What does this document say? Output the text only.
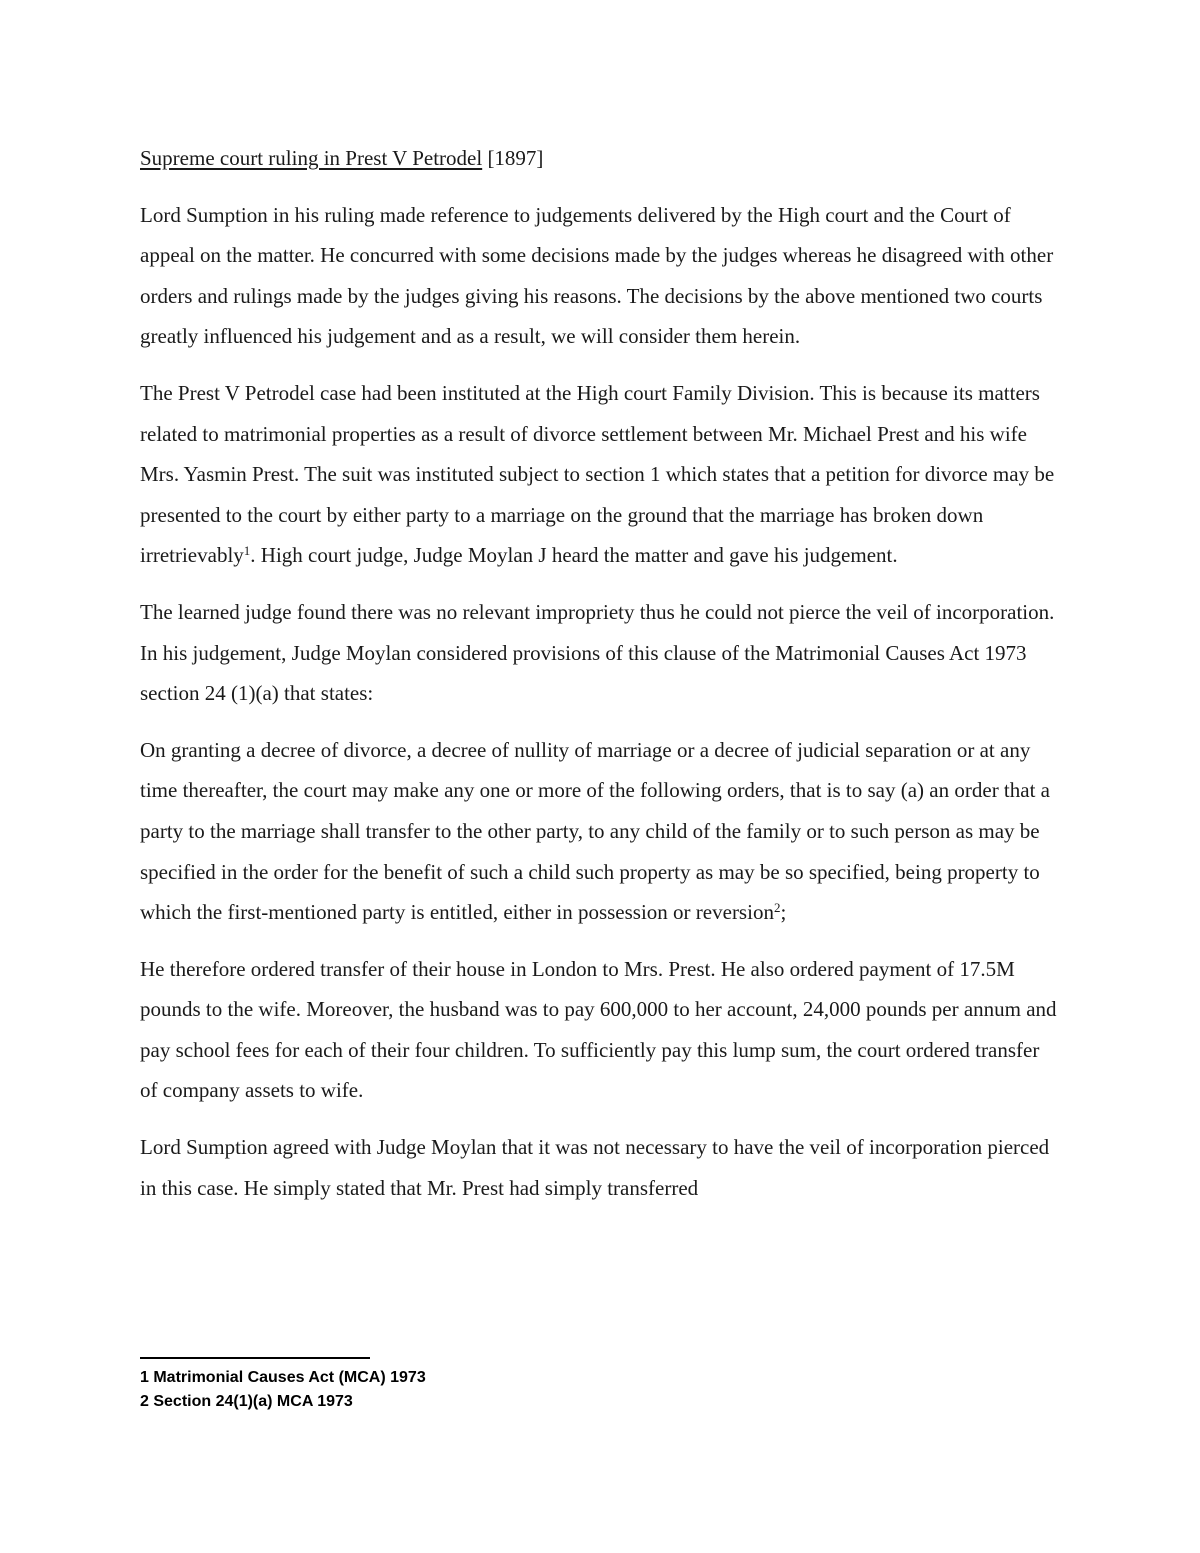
Supreme court ruling in Prest V Petrodel [1897]

Lord Sumption in his ruling made reference to judgements delivered by the High court and the Court of appeal on the matter. He concurred with some decisions made by the judges whereas he disagreed with other orders and rulings made by the judges giving his reasons. The decisions by the above mentioned two courts greatly influenced his judgement and as a result, we will consider them herein.

The Prest V Petrodel case had been instituted at the High court Family Division. This is because its matters related to matrimonial properties as a result of divorce settlement between Mr. Michael Prest and his wife Mrs. Yasmin Prest. The suit was instituted subject to section 1 which states that a petition for divorce may be presented to the court by either party to a marriage on the ground that the marriage has broken down irretrievably$^1$. High court judge, Judge Moylan J heard the matter and gave his judgement.

The learned judge found there was no relevant impropriety thus he could not pierce the veil of incorporation. In his judgement, Judge Moylan considered provisions of this clause of the Matrimonial Causes Act 1973 section 24 (1)(a) that states:

On granting a decree of divorce, a decree of nullity of marriage or a decree of judicial separation or at any time thereafter, the court may make any one or more of the following orders, that is to say (a) an order that a party to the marriage shall transfer to the other party, to any child of the family or to such person as may be specified in the order for the benefit of such a child such property as may be so specified, being property to which the first-mentioned party is entitled, either in possession or reversion$^2$;

He therefore ordered transfer of their house in London to Mrs. Prest. He also ordered payment of 17.5M pounds to the wife. Moreover, the husband was to pay 600,000 to her account, 24,000 pounds per annum and pay school fees for each of their four children. To sufficiently pay this lump sum, the court ordered transfer of company assets to wife.

Lord Sumption agreed with Judge Moylan that it was not necessary to have the veil of incorporation pierced in this case. He simply stated that Mr. Prest had simply transferred

1 Matrimonial Causes Act (MCA) 1973

2 Section 24(1)(a) MCA 1973
